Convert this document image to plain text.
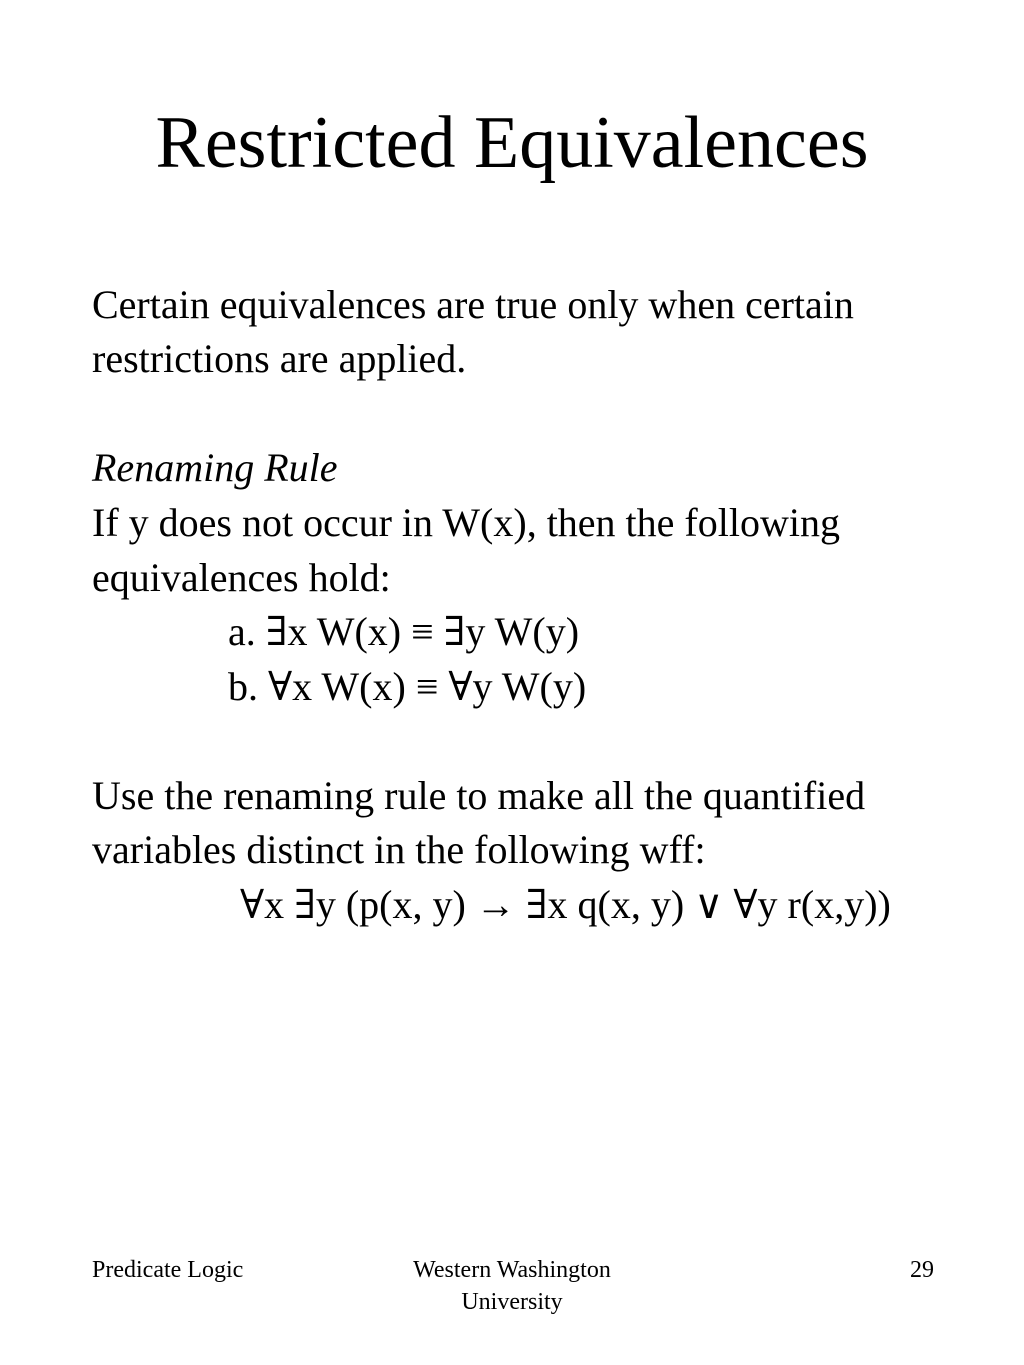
Restricted Equivalences
Certain equivalences are true only when certain
restrictions are applied.
Renaming Rule
If y does not occur in W(x), then the following
equivalences hold:
a. ∃x W(x) ≡ ∃y W(y)
b. ∀x W(x) ≡ ∀y W(y)
Use the renaming rule to make all the quantified
variables distinct in the following wff:
∀x ∃y (p(x, y) → ∃x q(x, y) ∨ ∀y r(x,y))
Predicate Logic	Western Washington
University
29
